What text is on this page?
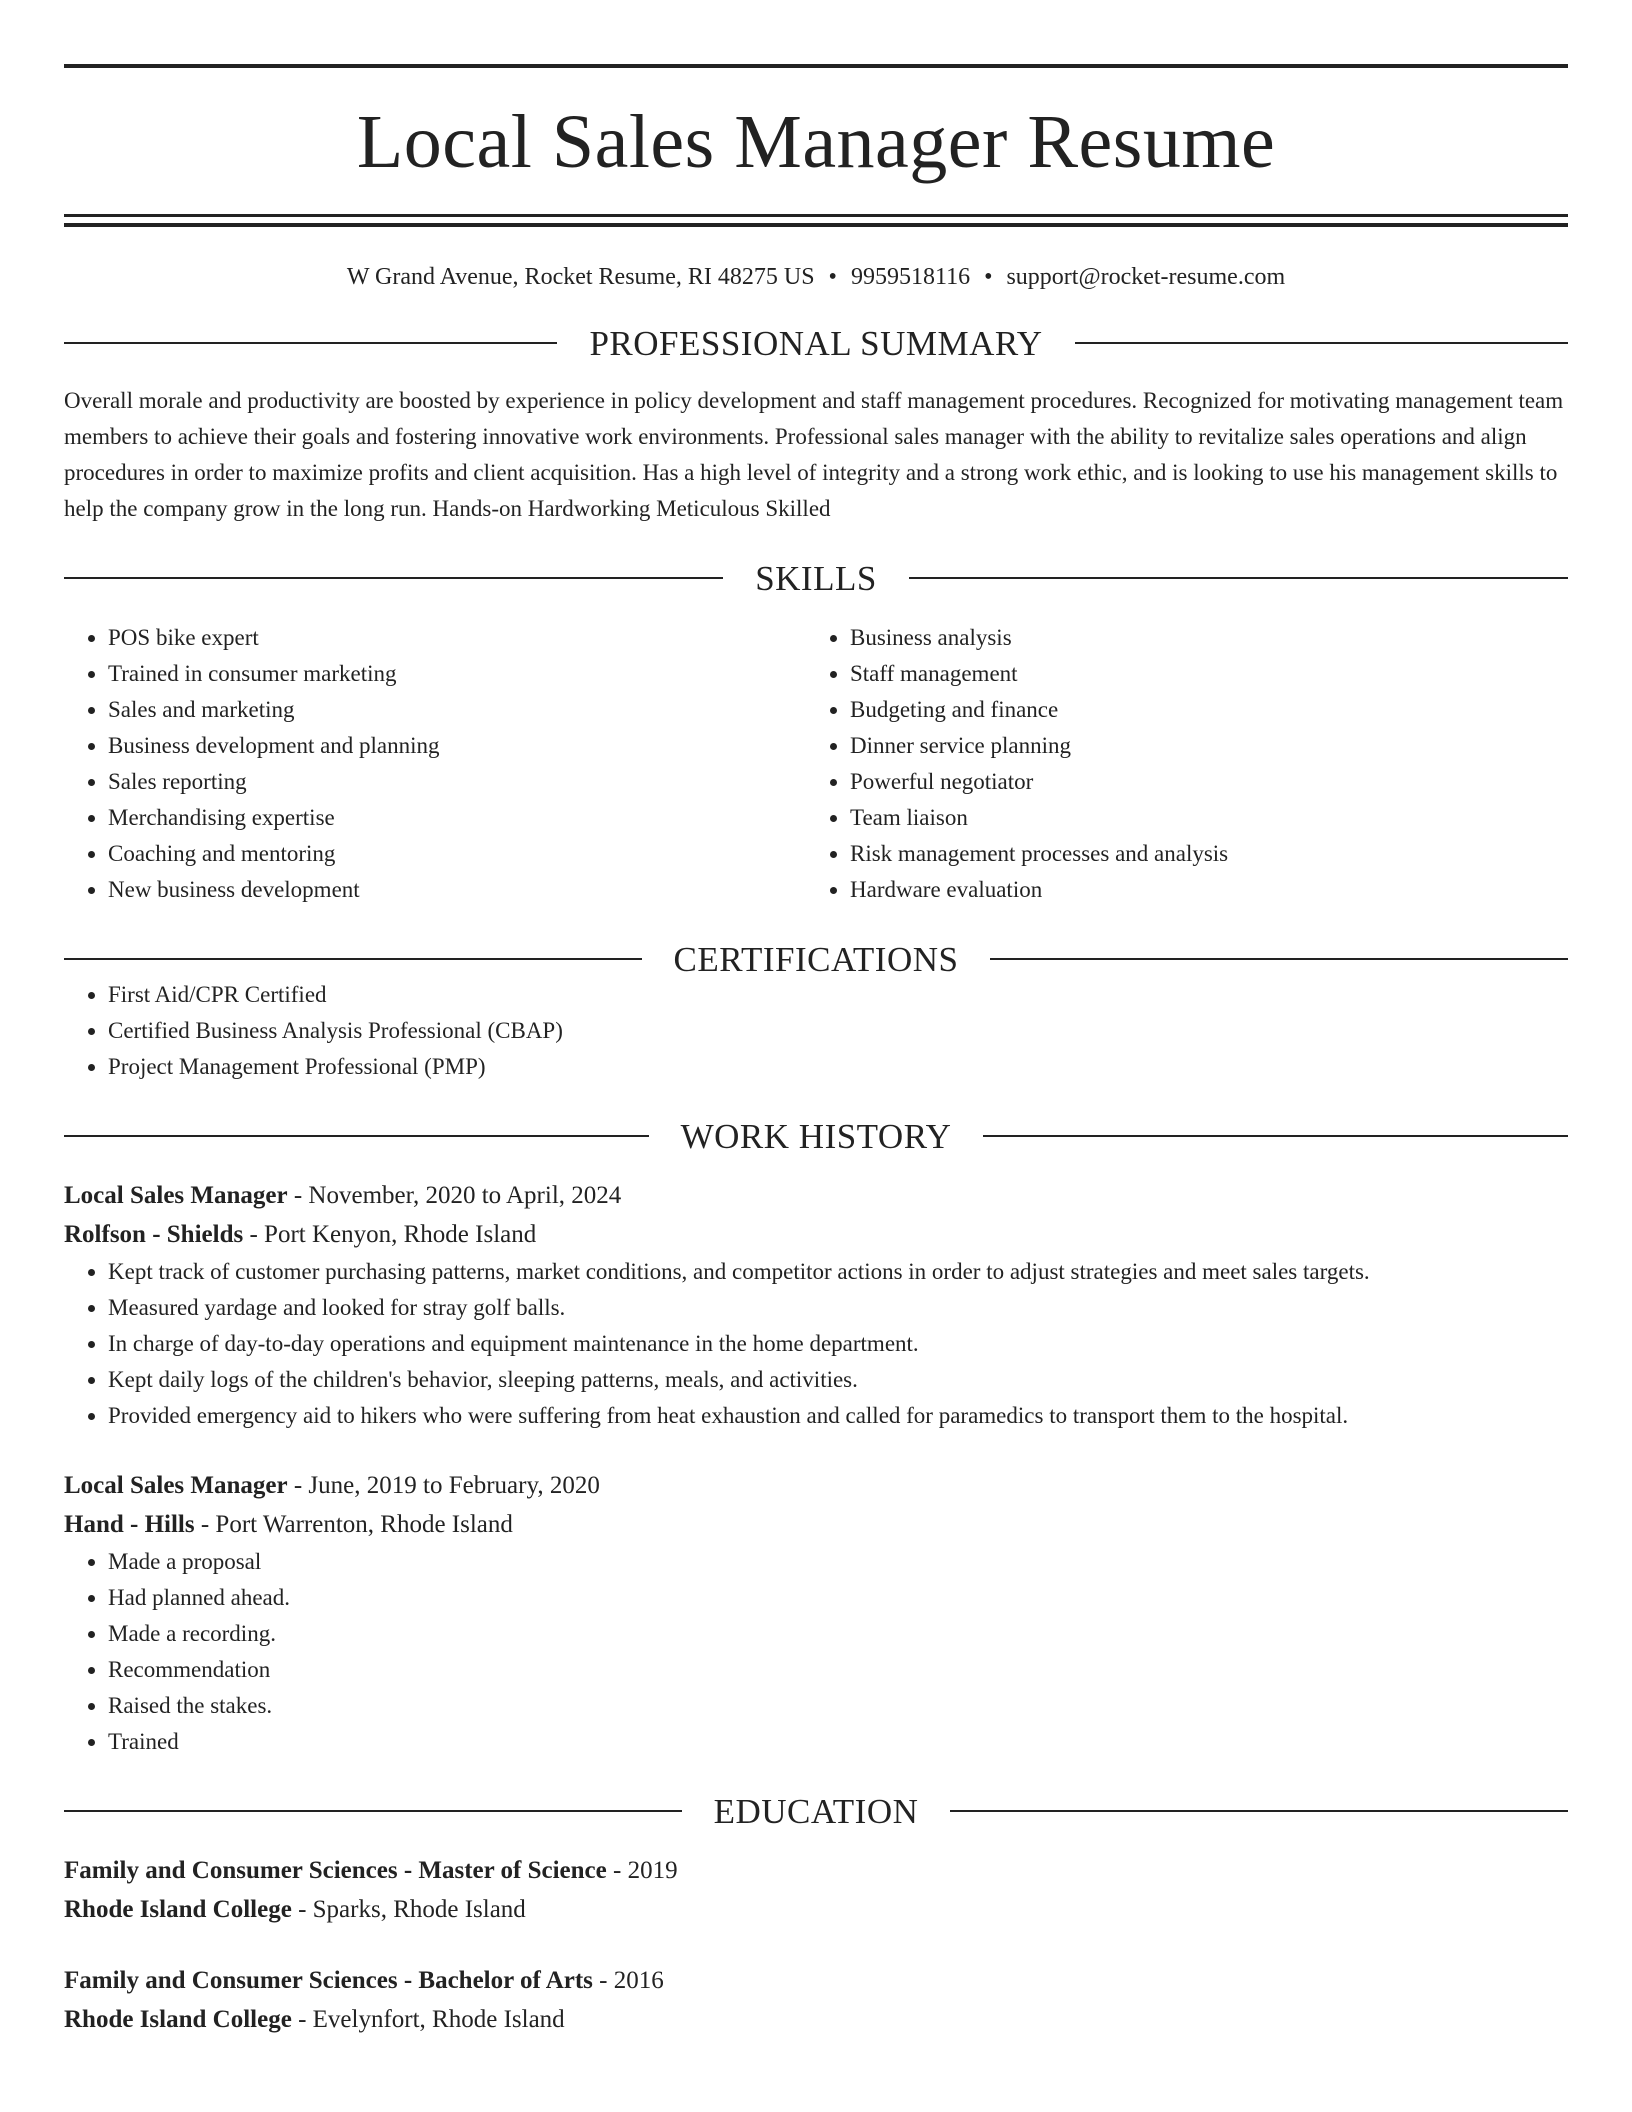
Local Sales Manager Resume
W Grand Avenue, Rocket Resume, RI 48275 US • 9959518116 • support@rocket-resume.com
PROFESSIONAL SUMMARY
Overall morale and productivity are boosted by experience in policy development and staff management procedures. Recognized for motivating management team members to achieve their goals and fostering innovative work environments. Professional sales manager with the ability to revitalize sales operations and align procedures in order to maximize profits and client acquisition. Has a high level of integrity and a strong work ethic, and is looking to use his management skills to help the company grow in the long run. Hands-on Hardworking Meticulous Skilled
SKILLS
• POS bike expert
• Trained in consumer marketing
• Sales and marketing
• Business development and planning
• Sales reporting
• Merchandising expertise
• Coaching and mentoring
• New business development
• Business analysis
• Staff management
• Budgeting and finance
• Dinner service planning
• Powerful negotiator
• Team liaison
• Risk management processes and analysis
• Hardware evaluation
CERTIFICATIONS
• First Aid/CPR Certified
• Certified Business Analysis Professional (CBAP)
• Project Management Professional (PMP)
WORK HISTORY
Local Sales Manager - November, 2020 to April, 2024
Rolfson - Shields - Port Kenyon, Rhode Island
• Kept track of customer purchasing patterns, market conditions, and competitor actions in order to adjust strategies and meet sales targets.
• Measured yardage and looked for stray golf balls.
• In charge of day-to-day operations and equipment maintenance in the home department.
• Kept daily logs of the children's behavior, sleeping patterns, meals, and activities.
• Provided emergency aid to hikers who were suffering from heat exhaustion and called for paramedics to transport them to the hospital.
Local Sales Manager - June, 2019 to February, 2020
Hand - Hills - Port Warrenton, Rhode Island
• Made a proposal
• Had planned ahead.
• Made a recording.
• Recommendation
• Raised the stakes.
• Trained
EDUCATION
Family and Consumer Sciences - Master of Science - 2019
Rhode Island College - Sparks, Rhode Island
Family and Consumer Sciences - Bachelor of Arts - 2016
Rhode Island College - Evelynfort, Rhode Island
